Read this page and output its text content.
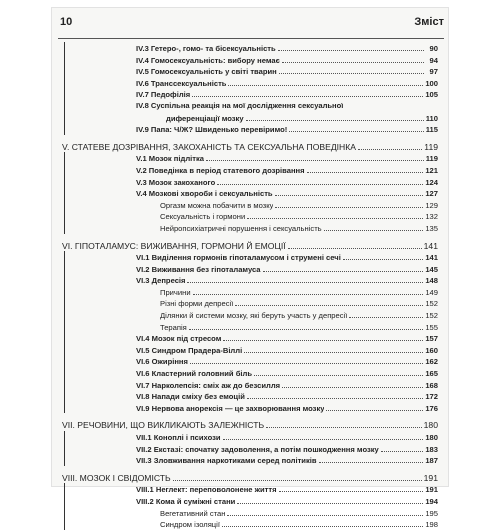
10	Зміст
IV.3 Гетеро-, гомо- та бісексуальність	90
IV.4 Гомосексуальність: вибору немає	94
IV.5 Гомосексуальність у світі тварин	97
IV.6 Транссексуальність	100
IV.7 Педофілія	105
IV.8 Суспільна реакція на мої дослідження сексуальної
диференціації мозку	110
IV.9 Папа: Ч/Ж? Швиденько перевіримо!	115
V. СТАТЕВЕ ДОЗРІВАННЯ, ЗАКОХАНІСТЬ ТА СЕКСУАЛЬНА ПОВЕДІНКА	119
V.1 Мозок підлітка	119
V.2 Поведінка в період статевого дозрівання	121
V.3 Мозок закоханого	124
V.4 Мозкові хвороби і сексуальність	127
Оргазм можна побачити в мозку	129
Сексуальність і гормони	132
Нейропсихіатричні порушення і сексуальність	135
VI. ГІПОТАЛАМУС: ВИЖИВАННЯ, ГОРМОНИ Й ЕМОЦІЇ	141
VI.1 Виділення гормонів гіпоталамусом і струмені сечі	141
VI.2 Виживання без гіпоталамуса	145
VI.3 Депресія	148
Причини	149
Різні форми депресії	152
Ділянки й системи мозку, які беруть участь у депресії	152
Терапія	155
VI.4 Мозок під стресом	157
VI.5 Синдром Прадера-Віллі	160
VI.6 Ожиріння	162
VI.6 Кластерний головний біль	165
VI.7 Нарколепсія: сміх аж до безсилля	168
VI.8 Напади сміху без емоцій	172
VI.9 Нервова анорексія — це захворювання мозку	176
VII. РЕЧОВИНИ, ЩО ВИКЛИКАЮТЬ ЗАЛЕЖНІСТЬ	180
VII.1 Коноплі і психози	180
VII.2 Екстазі: спочатку задоволення, а потім пошкодження мозку	183
VII.3 Зловживання наркотиками серед політиків	187
VIII. МОЗОК І СВІДОМІСТЬ	191
VIII.1 Неглект: переповолонене життя	191
VIII.2 Кома й суміжні стани	194
Вегетативний стан	195
Синдром ізоляції	198
